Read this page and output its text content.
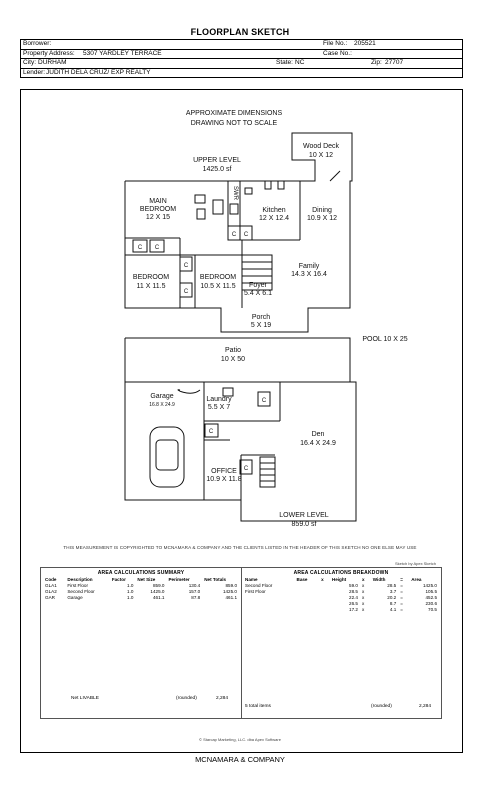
FLOORPLAN SKETCH
Borrower:	File No.: 205521
Property Address: 5307 YARDLEY TERRACE	Case No.:
City: DURHAM	State: NC	Zip: 27707
Lender: JUDITH DELA CRUZ/ EXP REALTY
APPROXIMATE DIMENSIONS
DRAWING NOT TO SCALE
UPPER LEVEL
1425.0 sf
Wood Deck
10 X 12
MAIN
BEDROOM
12 X 15
Kitchen
12 X 12.4
Dining
10.9 X 12
Family
14.3 X 16.4
BEDROOM
11 X 11.5
BEDROOM
10.5 X 11.5 Foyer
5.4 X 6.1
Porch
5 X 19
POOL 10 X 25
Patio
10 X 50
Garage
16.8 X 24.9
Laundry
5.5 X 7
Den
16.4 X 24.9
OFFICE
10.9 X 11.8
LOWER LEVEL
859.0 sf
SWR
C C
C
C
C C
C
C
C
THIS MEASUREMENT IS COPYRIGHTED TO MCNAMARA & COMPANY AND THE CLIENTS LISTED IN THE HEADER OF THIS SKETCH NO ONE ELSE MAY USE
Sketch by Apex Sketch
AREA CALCULATIONS SUMMARY
Code	Description	Factor	Net Size	Perimeter	Net Totals
GLA1	First Floor	1.0	859.0	130.4	859.0
GLA2	Second Floor	1.0	1425.0	157.0	1425.0
GAR	Garage	1.0	461.1	87.8	461.1
Net LIVABLE	(rounded)	2,284
AREA CALCULATIONS BREAKDOWN
Name	Base	x	Height	x	Width	=	Area
Second Floor			59.0	x	28.5	=	1425.0
First Floor			28.5	x	3.7	=	105.5
			22.4	x	20.2	=	452.5
			26.5	x	8.7	=	230.6
			17.2	x	4.1	=	70.5
5 total items	(rounded)	2,284
© Starcap Marketing, LLC. dba Apex Software
MCNAMARA & COMPANY
